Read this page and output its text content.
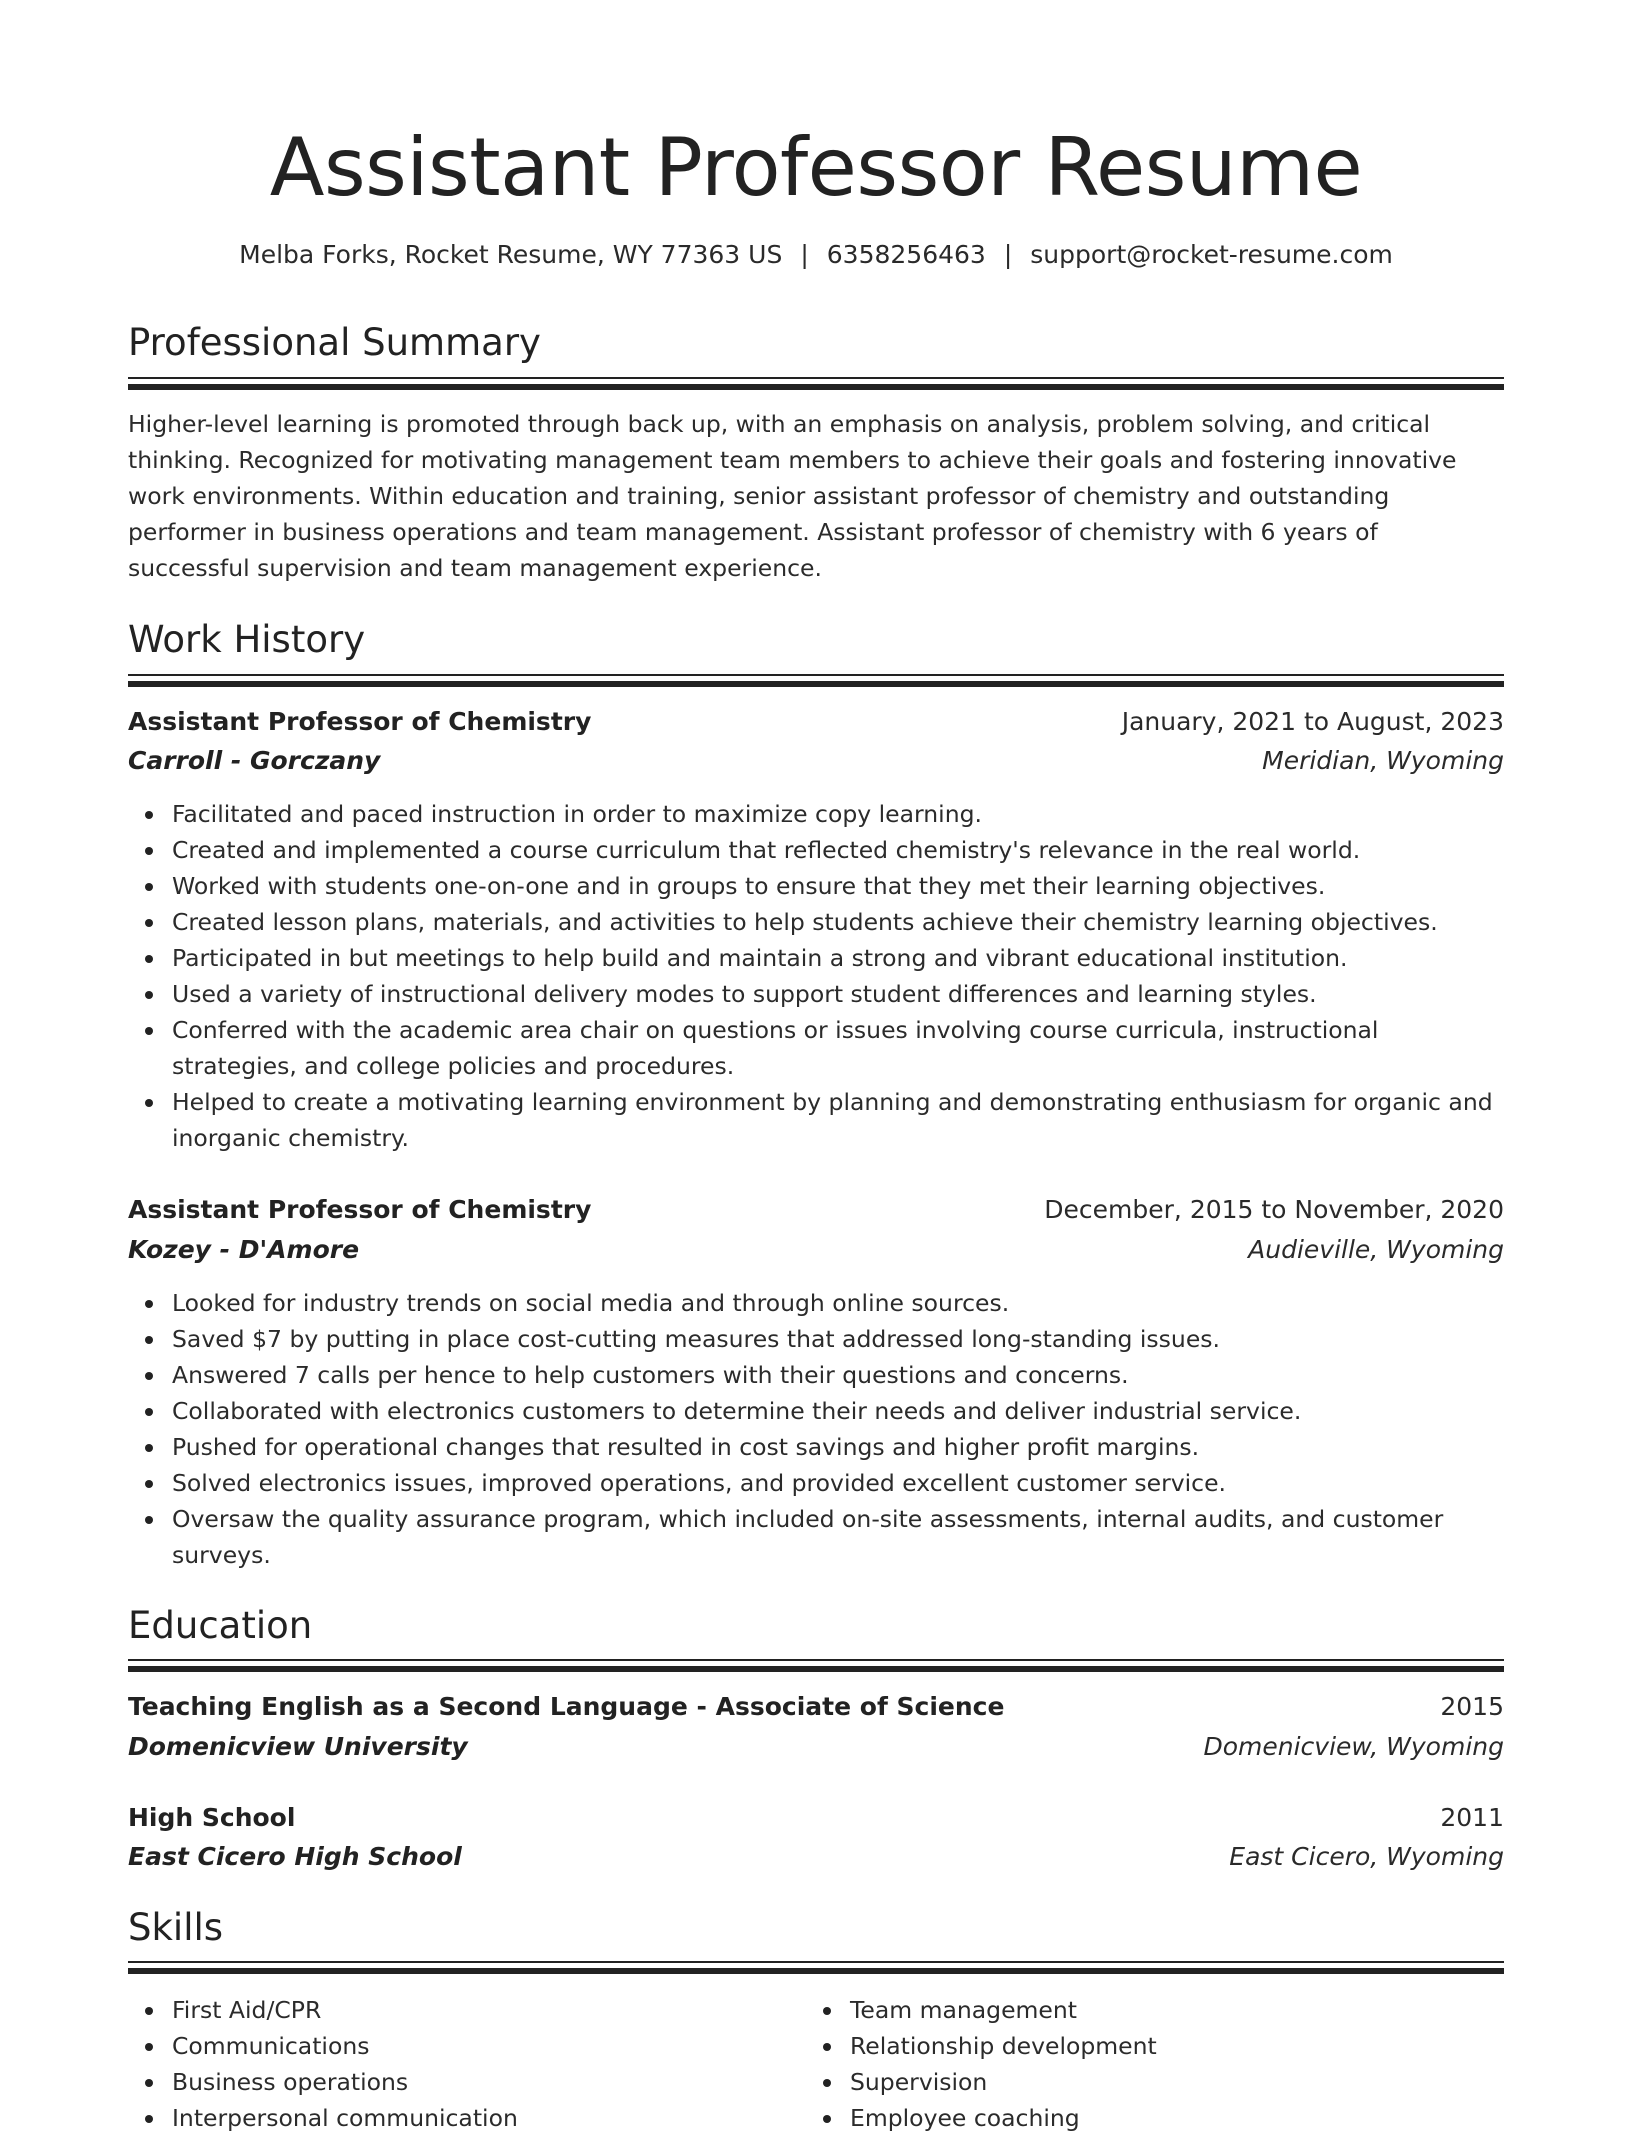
Assistant Professor Resume
Melba Forks, Rocket Resume, WY 77363 US | 6358256463 | support@rocket-resume.com
Professional Summary
Higher-level learning is promoted through back up, with an emphasis on analysis, problem solving, and critical thinking. Recognized for motivating management team members to achieve their goals and fostering innovative work environments. Within education and training, senior assistant professor of chemistry and outstanding performer in business operations and team management. Assistant professor of chemistry with 6 years of successful supervision and team management experience.
Work History
Assistant Professor of Chemistry	January, 2021 to August, 2023
Carroll - Gorczany	Meridian, Wyoming
Facilitated and paced instruction in order to maximize copy learning.
Created and implemented a course curriculum that reflected chemistry's relevance in the real world.
Worked with students one-on-one and in groups to ensure that they met their learning objectives.
Created lesson plans, materials, and activities to help students achieve their chemistry learning objectives.
Participated in but meetings to help build and maintain a strong and vibrant educational institution.
Used a variety of instructional delivery modes to support student differences and learning styles.
Conferred with the academic area chair on questions or issues involving course curricula, instructional strategies, and college policies and procedures.
Helped to create a motivating learning environment by planning and demonstrating enthusiasm for organic and inorganic chemistry.
Assistant Professor of Chemistry	December, 2015 to November, 2020
Kozey - D'Amore	Audieville, Wyoming
Looked for industry trends on social media and through online sources.
Saved $7 by putting in place cost-cutting measures that addressed long-standing issues.
Answered 7 calls per hence to help customers with their questions and concerns.
Collaborated with electronics customers to determine their needs and deliver industrial service.
Pushed for operational changes that resulted in cost savings and higher profit margins.
Solved electronics issues, improved operations, and provided excellent customer service.
Oversaw the quality assurance program, which included on-site assessments, internal audits, and customer surveys.
Education
Teaching English as a Second Language - Associate of Science	2015
Domenicview University	Domenicview, Wyoming
High School	2011
East Cicero High School	East Cicero, Wyoming
Skills
First Aid/CPR
Communications
Business operations
Interpersonal communication
Team management
Relationship development
Supervision
Employee coaching
